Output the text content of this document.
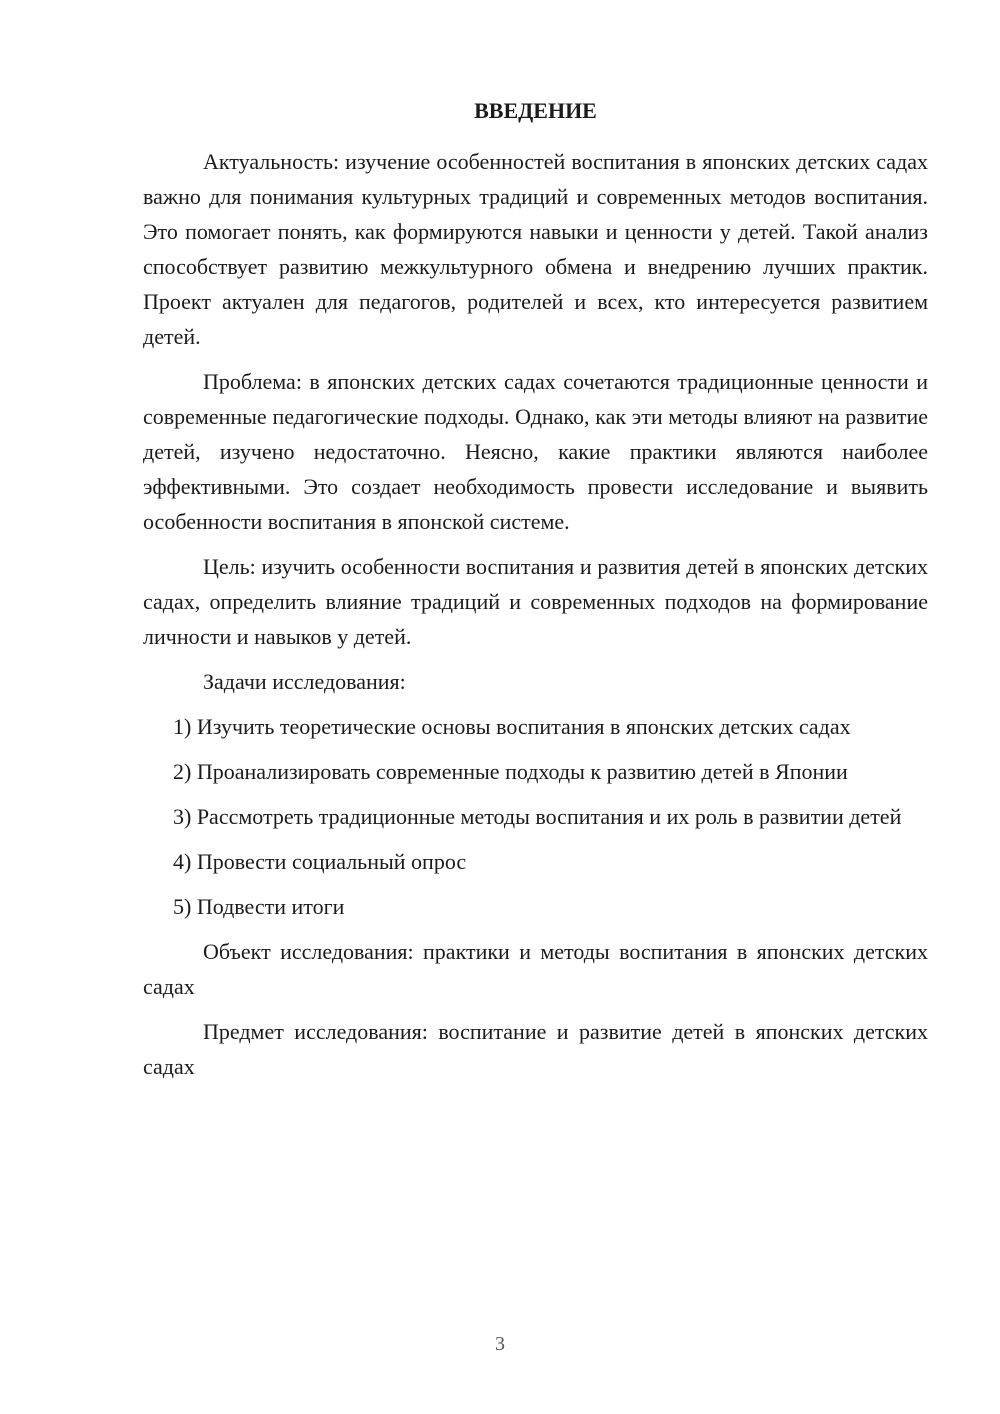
ВВЕДЕНИЕ

Актуальность: изучение особенностей воспитания в японских детских садах важно для понимания культурных традиций и современных методов воспитания. Это помогает понять, как формируются навыки и ценности у детей. Такой анализ способствует развитию межкультурного обмена и внедрению лучших практик. Проект актуален для педагогов, родителей и всех, кто интересуется развитием детей.

Проблема: в японских детских садах сочетаются традиционные ценности и современные педагогические подходы. Однако, как эти методы влияют на развитие детей, изучено недостаточно. Неясно, какие практики являются наиболее эффективными. Это создает необходимость провести исследование и выявить особенности воспитания в японской системе.

Цель: изучить особенности воспитания и развития детей в японских детских садах, определить влияние традиций и современных подходов на формирование личности и навыков у детей.

Задачи исследования:

1) Изучить теоретические основы воспитания в японских детских садах

2) Проанализировать современные подходы к развитию детей в Японии

3) Рассмотреть традиционные методы воспитания и их роль в развитии детей

4) Провести социальный опрос

5) Подвести итоги

Объект исследования: практики и методы воспитания в японских детских садах

Предмет исследования: воспитание и развитие детей в японских детских садах

3
